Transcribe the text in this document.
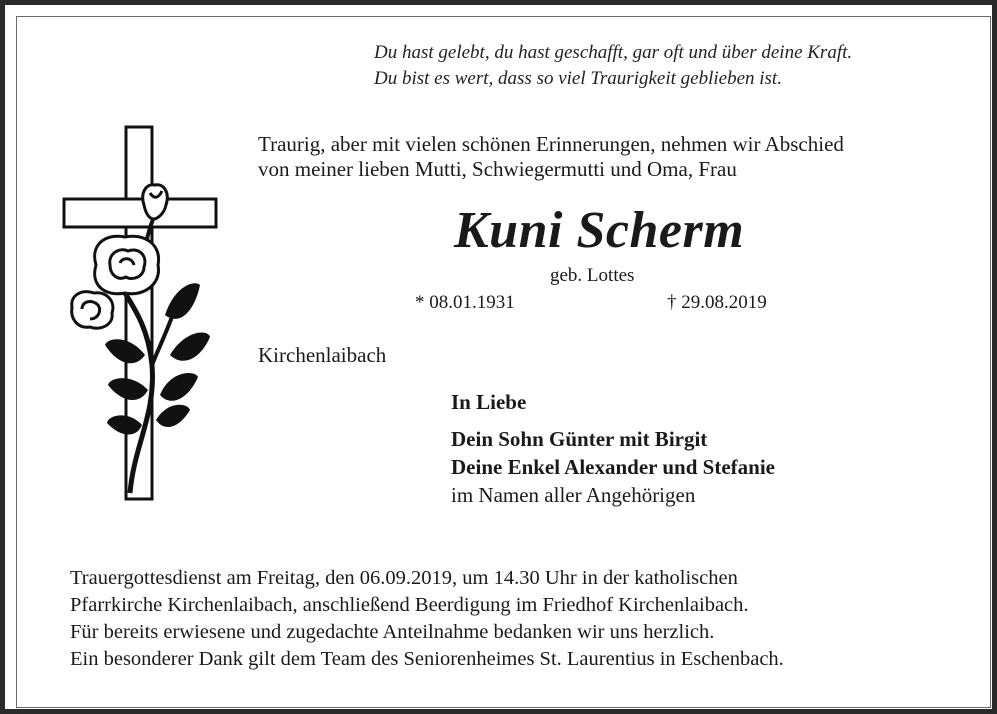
Du hast gelebt, du hast geschafft, gar oft und über deine Kraft.
Du bist es wert, dass so viel Traurigkeit geblieben ist.
Traurig, aber mit vielen schönen Erinnerungen, nehmen wir Abschied
von meiner lieben Mutti, Schwiegermutti und Oma, Frau
Kuni Scherm
geb. Lottes
* 08.01.1931	† 29.08.2019
Kirchenlaibach
In Liebe
Dein Sohn Günter mit Birgit
Deine Enkel Alexander und Stefanie
im Namen aller Angehörigen
Trauergottesdienst am Freitag, den 06.09.2019, um 14.30 Uhr in der katholischen
Pfarrkirche Kirchenlaibach, anschließend Beerdigung im Friedhof Kirchenlaibach.
Für bereits erwiesene und zugedachte Anteilnahme bedanken wir uns herzlich.
Ein besonderer Dank gilt dem Team des Seniorenheimes St. Laurentius in Eschenbach.
